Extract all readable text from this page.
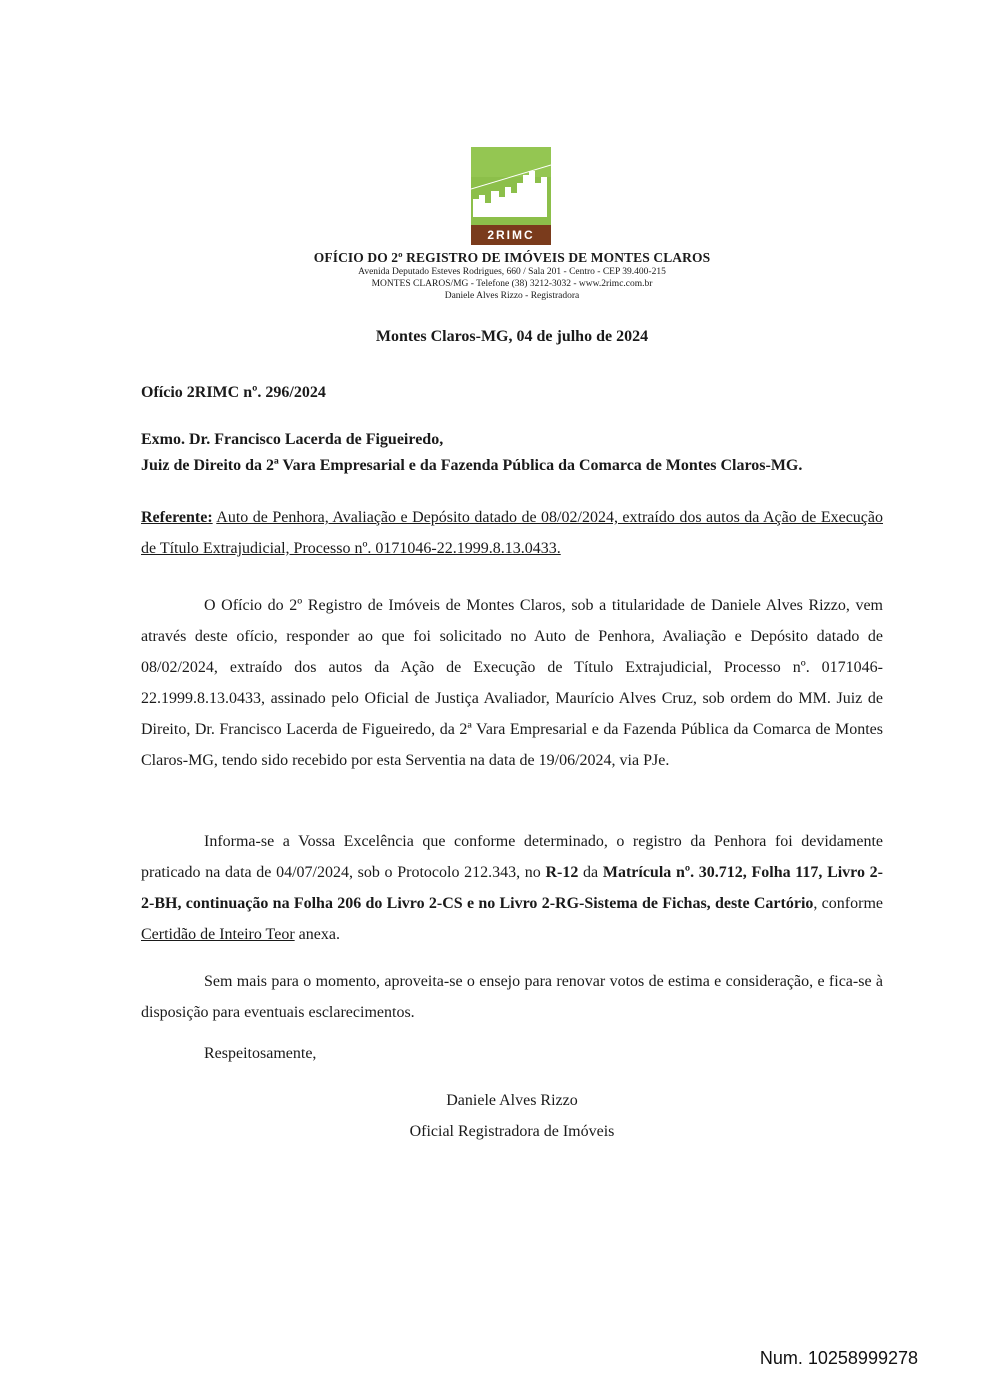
2RIMC
OFÍCIO DO 2º REGISTRO DE IMÓVEIS DE MONTES CLAROS
Avenida Deputado Esteves Rodrigues, 660 / Sala 201 - Centro - CEP 39.400-215
MONTES CLAROS/MG - Telefone (38) 3212-3032 - www.2rimc.com.br
Daniele Alves Rizzo - Registradora
Montes Claros-MG, 04 de julho de 2024
Ofício 2RIMC nº. 296/2024
Exmo. Dr. Francisco Lacerda de Figueiredo,
Juiz de Direito da 2ª Vara Empresarial e da Fazenda Pública da Comarca de Montes Claros-MG.
Referente: Auto de Penhora, Avaliação e Depósito datado de 08/02/2024, extraído dos autos da Ação de Execução de Título Extrajudicial, Processo nº. 0171046-22.1999.8.13.0433.
O Ofício do 2º Registro de Imóveis de Montes Claros, sob a titularidade de Daniele Alves Rizzo, vem através deste ofício, responder ao que foi solicitado no Auto de Penhora, Avaliação e Depósito datado de 08/02/2024, extraído dos autos da Ação de Execução de Título Extrajudicial, Processo nº. 0171046-22.1999.8.13.0433, assinado pelo Oficial de Justiça Avaliador, Maurício Alves Cruz, sob ordem do MM. Juiz de Direito, Dr. Francisco Lacerda de Figueiredo, da 2ª Vara Empresarial e da Fazenda Pública da Comarca de Montes Claros-MG, tendo sido recebido por esta Serventia na data de 19/06/2024, via PJe.
Informa-se a Vossa Excelência que conforme determinado, o registro da Penhora foi devidamente praticado na data de 04/07/2024, sob o Protocolo 212.343, no R-12 da Matrícula nº. 30.712, Folha 117, Livro 2-2-BH, continuação na Folha 206 do Livro 2-CS e no Livro 2-RG-Sistema de Fichas, deste Cartório, conforme Certidão de Inteiro Teor anexa.
Sem mais para o momento, aproveita-se o ensejo para renovar votos de estima e consideração, e fica-se à disposição para eventuais esclarecimentos.
Respeitosamente,
Daniele Alves Rizzo
Oficial Registradora de Imóveis
Num. 10258999278
